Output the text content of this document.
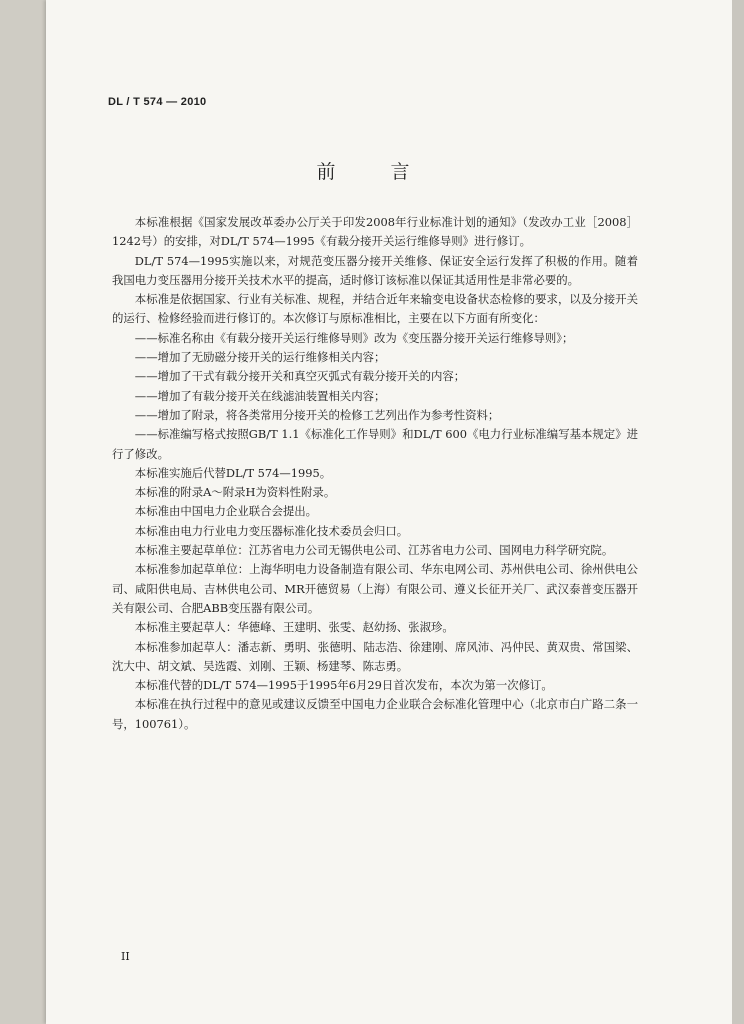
DL / T 574 — 2010
前　言

本标准根据《国家发展改革委办公厅关于印发2008年行业标准计划的通知》（发改办工业［2008］1242号）的安排，对DL/T 574—1995《有载分接开关运行维修导则》进行修订。

DL/T 574—1995实施以来，对规范变压器分接开关维修、保证安全运行发挥了积极的作用。随着我国电力变压器用分接开关技术水平的提高，适时修订该标准以保证其适用性是非常必要的。

本标准是依据国家、行业有关标准、规程，并结合近年来输变电设备状态检修的要求，以及分接开关的运行、检修经验而进行修订的。本次修订与原标准相比，主要在以下方面有所变化：

——标准名称由《有载分接开关运行维修导则》改为《变压器分接开关运行维修导则》；

——增加了无励磁分接开关的运行维修相关内容；

——增加了干式有载分接开关和真空灭弧式有载分接开关的内容；

——增加了有载分接开关在线滤油装置相关内容；

——增加了附录，将各类常用分接开关的检修工艺列出作为参考性资料；

——标准编写格式按照GB/T 1.1《标准化工作导则》和DL/T 600《电力行业标准编写基本规定》进行了修改。

本标准实施后代替DL/T 574—1995。

本标准的附录A～附录H为资料性附录。

本标准由中国电力企业联合会提出。

本标准由电力行业电力变压器标准化技术委员会归口。

本标准主要起草单位：江苏省电力公司无锡供电公司、江苏省电力公司、国网电力科学研究院。

本标准参加起草单位：上海华明电力设备制造有限公司、华东电网公司、苏州供电公司、徐州供电公司、咸阳供电局、吉林供电公司、MR开德贸易（上海）有限公司、遵义长征开关厂、武汉泰普变压器开关有限公司、合肥ABB变压器有限公司。

本标准主要起草人：华德峰、王建明、张雯、赵幼扬、张淑珍。

本标准参加起草人：潘志新、勇明、张德明、陆志浩、徐建刚、席风沛、冯仲民、黄双贵、常国梁、沈大中、胡文斌、吴选霞、刘刚、王颖、杨建琴、陈志勇。

本标准代替的DL/T 574—1995于1995年6月29日首次发布，本次为第一次修订。

本标准在执行过程中的意见或建议反馈至中国电力企业联合会标准化管理中心（北京市白广路二条一号，100761）。

II
